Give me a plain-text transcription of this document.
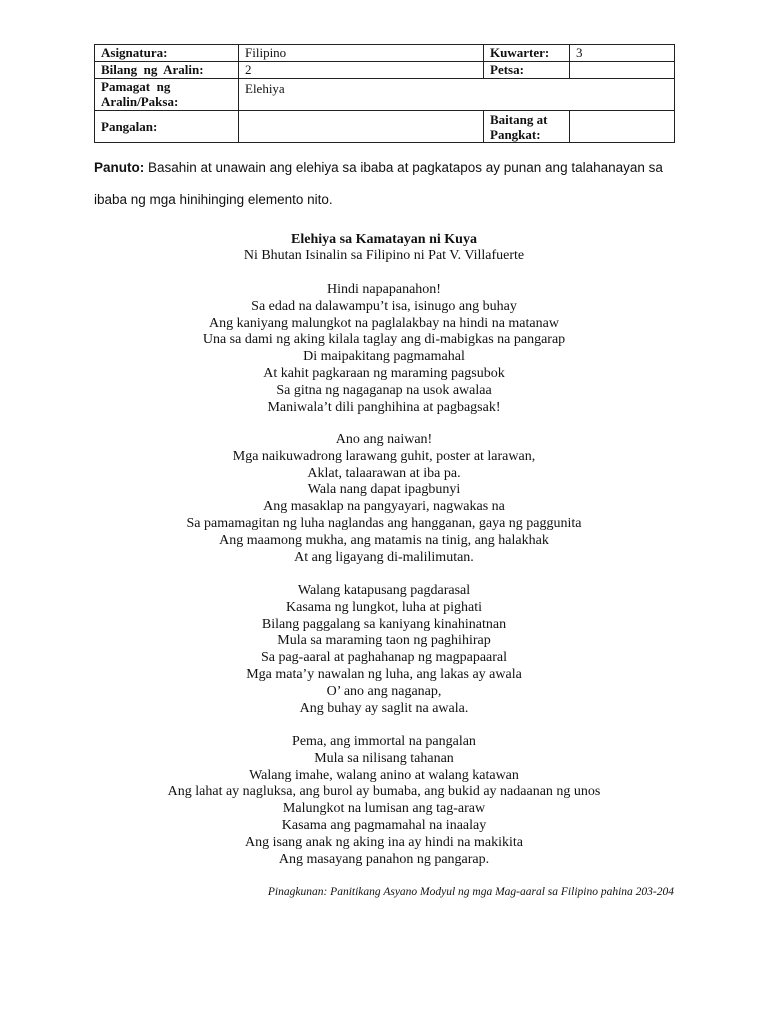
Asignatura:	Filipino	Kuwarter:	3
Bilang  ng  Aralin:	2	Petsa:	

Pamagat  ng
Aralin/Paksa:	Elehiya		
Pangalan:		Baitang at
Pangkat:	

Panuto: Basahin at unawain ang elehiya sa ibaba at pagkatapos ay punan ang talahanayan sa ibaba ng mga hinihinging elemento nito.
Elehiya sa Kamatayan ni Kuya
Ni Bhutan Isinalin sa Filipino ni Pat V. Villafuerte
Hindi napapanahon!
Sa edad na dalawampu’t isa, isinugo ang buhay
Ang kaniyang malungkot na paglalakbay na hindi na matanaw
Una sa dami ng aking kilala taglay ang di-mabigkas na pangarap
Di maipakitang pagmamahal
At kahit pagkaraan ng maraming pagsubok
Sa gitna ng nagaganap na usok awalaa
Maniwala’t dili panghihina at pagbagsak!
Ano ang naiwan!
Mga naikuwadrong larawang guhit, poster at larawan,
Aklat, talaarawan at iba pa.
Wala nang dapat ipagbunyi
Ang masaklap na pangyayari, nagwakas na
Sa pamamagitan ng luha naglandas ang hangganan, gaya ng paggunita
Ang maamong mukha, ang matamis na tinig, ang halakhak
At ang ligayang di-malilimutan.
Walang katapusang pagdarasal
Kasama ng lungkot, luha at pighati
Bilang paggalang sa kaniyang kinahinatnan
Mula sa maraming taon ng paghihirap
Sa pag-aaral at paghahanap ng magpapaaral
Mga mata’y nawalan ng luha, ang lakas ay awala
O’ ano ang naganap,
Ang buhay ay saglit na awala.
Pema, ang immortal na pangalan
Mula sa nilisang tahanan
Walang imahe, walang anino at walang katawan
Ang lahat ay nagluksa, ang burol ay bumaba, ang bukid ay nadaanan ng unos
Malungkot na lumisan ang tag-araw
Kasama ang pagmamahal na inaalay
Ang isang anak ng aking ina ay hindi na makikita
Ang masayang panahon ng pangarap.
Pinagkunan: Panitikang Asyano Modyul ng mga Mag-aaral sa Filipino pahina 203-204
